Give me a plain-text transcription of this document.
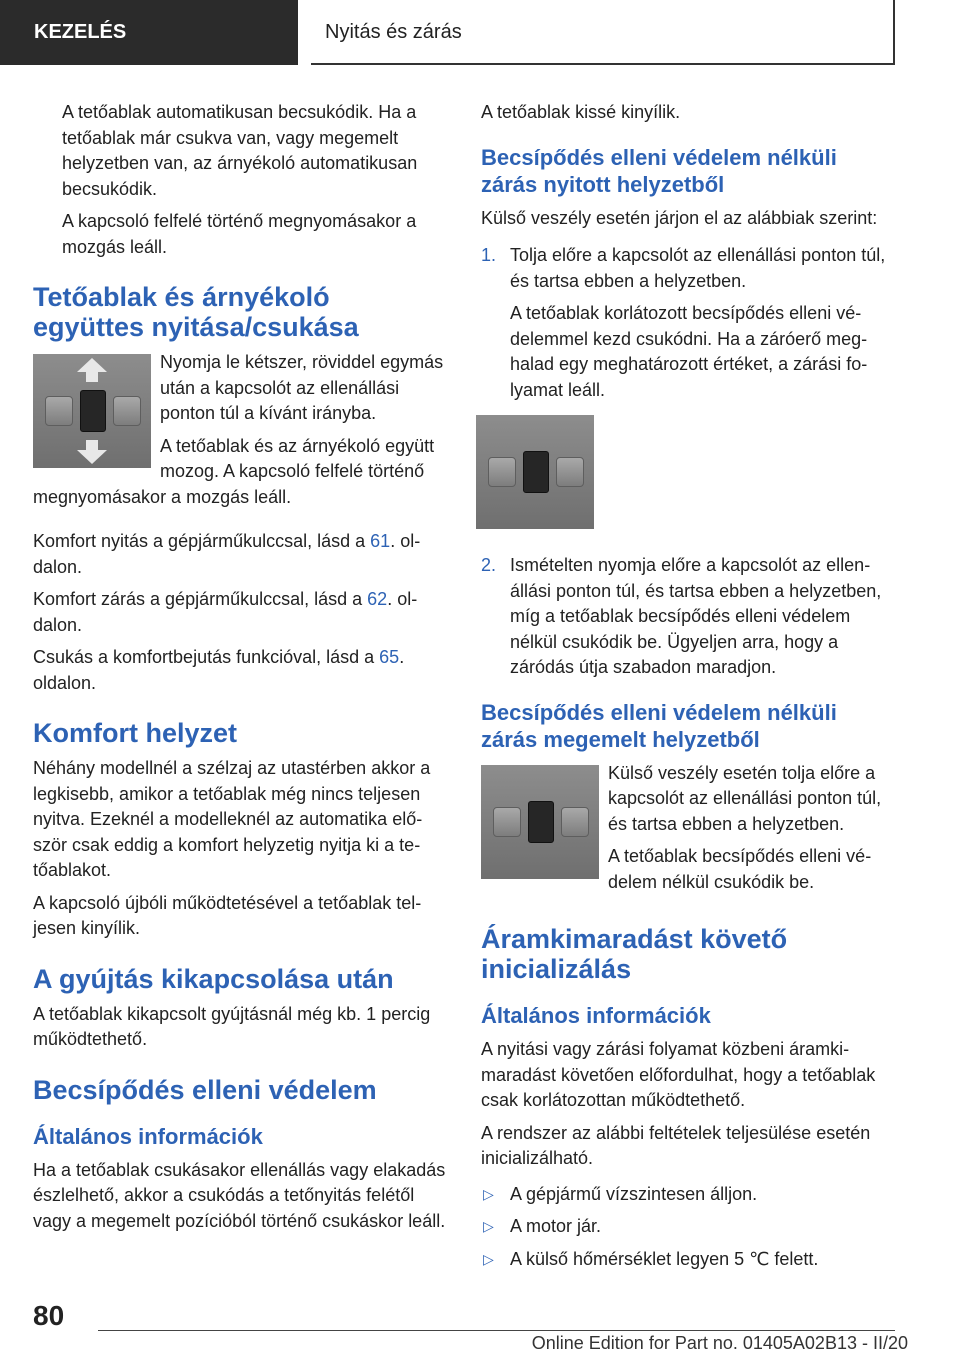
KEZELÉS	Nyitás és zárás

A tetőablak automatikusan becsukódik. Ha a tetőablak már csukva van, vagy megemelt helyzetben van, az árnyékoló automatikusan becsukódik.

A kapcsoló felfelé történő megnyomásakor a mozgás leáll.

Tetőablak és árnyékoló együttes nyitása/csukása

Nyomja le kétszer, röviddel egymás után a kapcsolót az ellenállási ponton túl a kívánt irányba.

A tetőablak és az árnyékoló együtt mozog. A kapcsoló felfelé történő megnyomásakor a mozgás leáll.

Komfort nyitás a gépjárműkulccsal, lásd a 61. oldalon.

Komfort zárás a gépjárműkulccsal, lásd a 62. oldalon.

Csukás a komfortbejutás funkcióval, lásd a 65. oldalon.

Komfort helyzet

Néhány modellnél a szélzaj az utastérben akkor a legkisebb, amikor a tetőablak még nincs teljesen nyitva. Ezeknél a modelleknél az automatika először csak eddig a komfort helyzetig nyitja ki a tetőablakot.

A kapcsoló újbóli működtetésével a tetőablak teljesen kinyílik.

A gyújtás kikapcsolása után

A tetőablak kikapcsolt gyújtásnál még kb. 1 percig működtethető.

Becsípődés elleni védelem
Általános információk

Ha a tetőablak csukásakor ellenállás vagy elakadás észlelhető, akkor a csukódás a tetőnyitás felétől vagy a megemelt pozícióból történő csukáskor leáll.

A tetőablak kissé kinyílik.

Becsípődés elleni védelem nélküli zárás nyitott helyzetből

Külső veszély esetén járjon el az alábbiak szerint:

1. Tolja előre a kapcsolót az ellenállási ponton túl, és tartsa ebben a helyzetben.

A tetőablak korlátozott becsípődés elleni védelemmel kezd csukódni. Ha a záróerő meghalad egy meghatározott értéket, a zárási folyamat leáll.

2. Ismételten nyomja előre a kapcsolót az ellenállási ponton túl, és tartsa ebben a helyzetben, míg a tetőablak becsípődés elleni védelem nélkül csukódik be. Ügyeljen arra, hogy a záródás útja szabadon maradjon.

Becsípődés elleni védelem nélküli zárás megemelt helyzetből

Külső veszély esetén tolja előre a kapcsolót az ellenállási ponton túl, és tartsa ebben a helyzetben.

A tetőablak becsípődés elleni védelem nélkül csukódik be.

Áramkimaradást követő inicializálás
Általános információk

A nyitási vagy zárási folyamat közbeni áramkimaradást követően előfordulhat, hogy a tetőablak csak korlátozottan működtethető.

A rendszer az alábbi feltételek teljesülése esetén inicializálható.

▷ A gépjármű vízszintesen álljon.
▷ A motor jár.
▷ A külső hőmérséklet legyen 5 ℃ felett.
80
Online Edition for Part no. 01405A02B13 - II/20
